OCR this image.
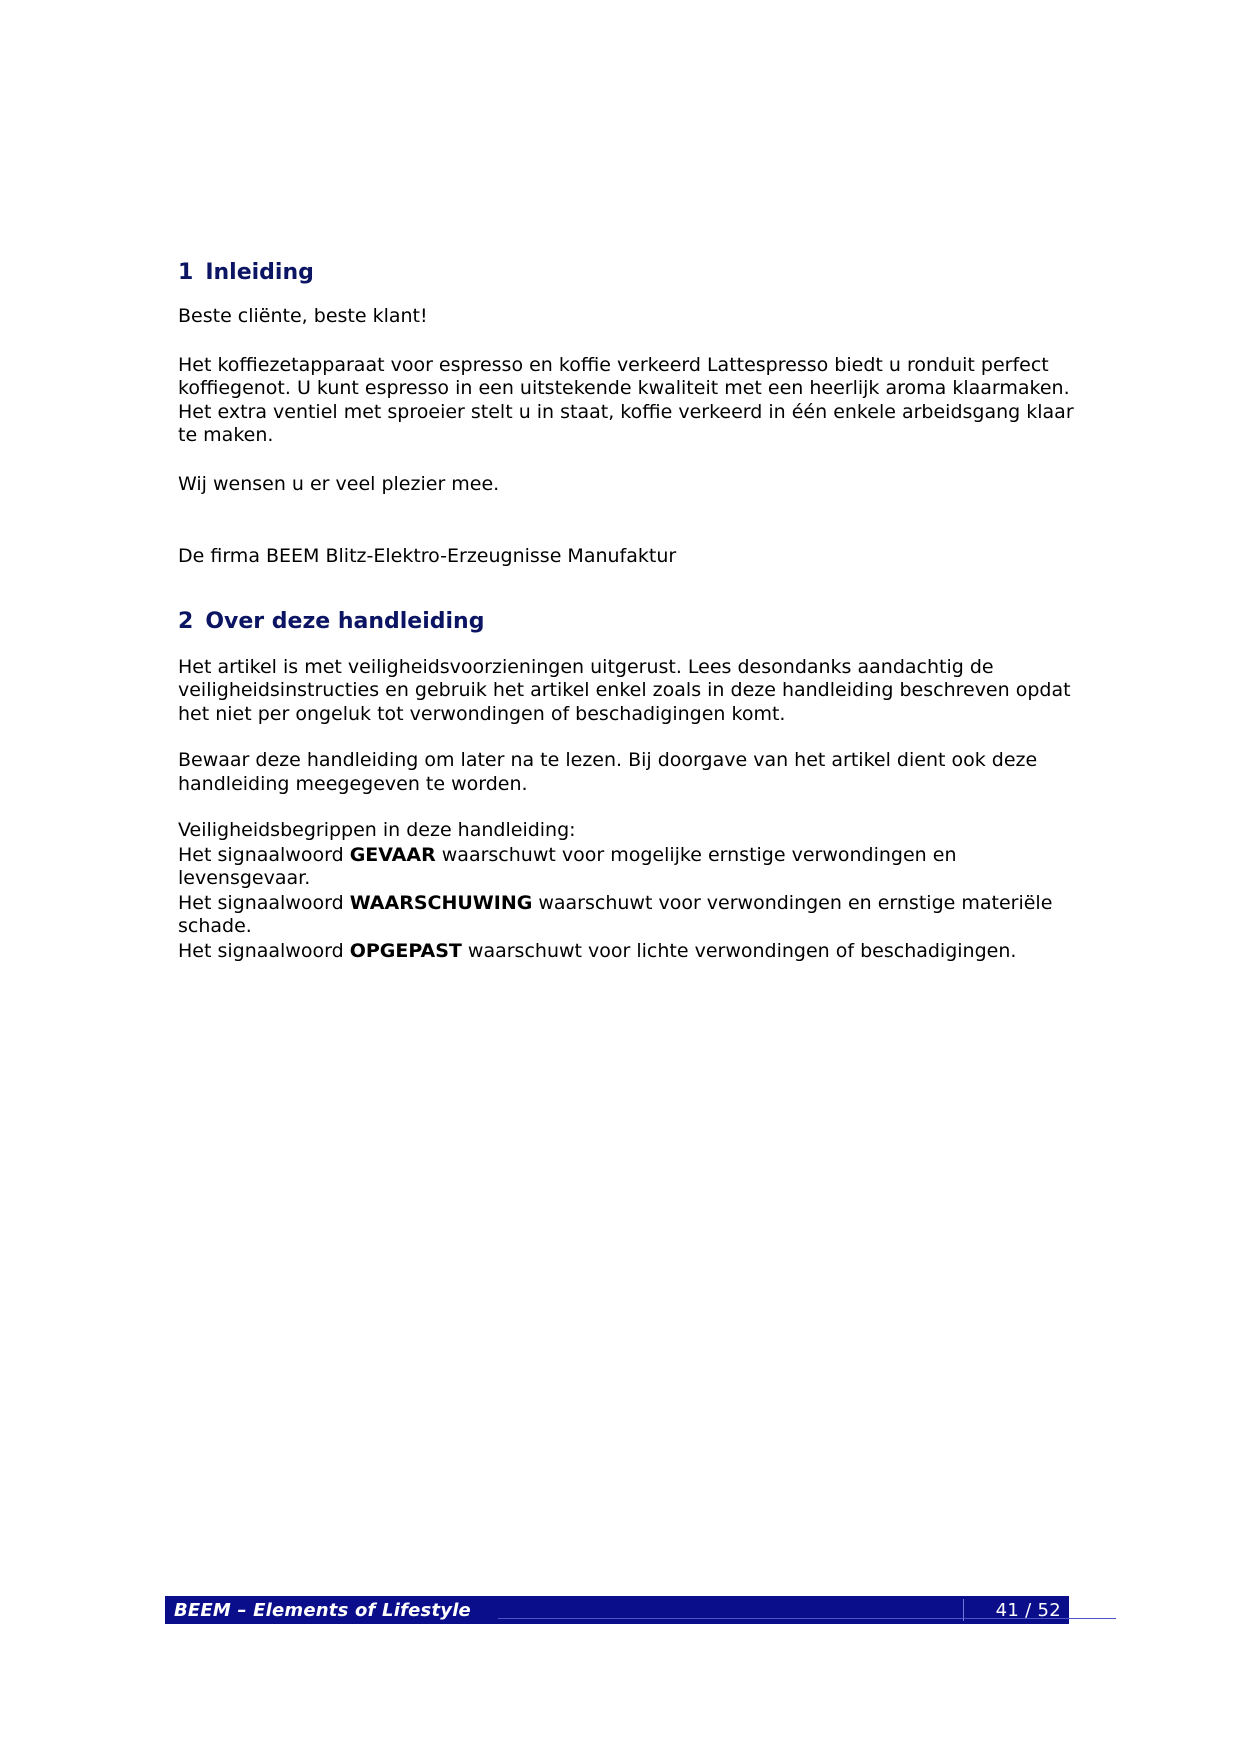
1 Inleiding

Beste cliënte, beste klant!

Het koffiezetapparaat voor espresso en koffie verkeerd Lattespresso biedt u ronduit perfect koffiegenot. U kunt espresso in een uitstekende kwaliteit met een heerlijk aroma klaarmaken. Het extra ventiel met sproeier stelt u in staat, koffie verkeerd in één enkele arbeidsgang klaar te maken.

Wij wensen u er veel plezier mee.

De firma BEEM Blitz-Elektro-Erzeugnisse Manufaktur

2 Over deze handleiding

Het artikel is met veiligheidsvoorzieningen uitgerust. Lees desondanks aandachtig de veiligheidsinstructies en gebruik het artikel enkel zoals in deze handleiding beschreven opdat het niet per ongeluk tot verwondingen of beschadigingen komt.

Bewaar deze handleiding om later na te lezen. Bij doorgave van het artikel dient ook deze handleiding meegegeven te worden.

Veiligheidsbegrippen in deze handleiding:

Het signaalwoord GEVAAR waarschuwt voor mogelijke ernstige verwondingen en levensgevaar.

Het signaalwoord WAARSCHUWING waarschuwt voor verwondingen en ernstige materiële schade.

Het signaalwoord OPGEPAST waarschuwt voor lichte verwondingen of beschadigingen.

BEEM – Elements of Lifestyle	41 / 52
